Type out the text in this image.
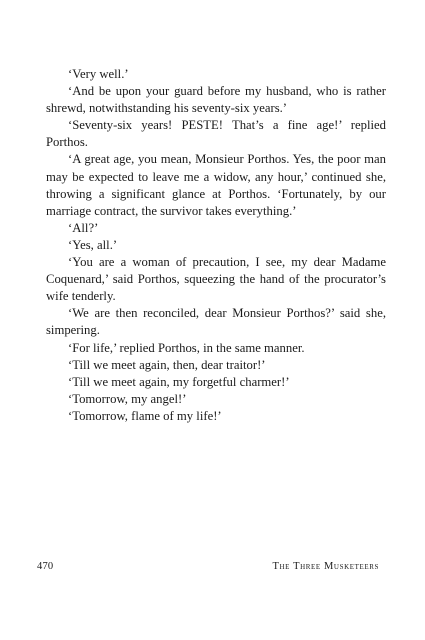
‘Very well.’

‘And be upon your guard before my husband, who is rather shrewd, notwithstanding his seventy-six years.’

‘Seventy-six years! PESTE! That’s a fine age!’ replied Porthos.

‘A great age, you mean, Monsieur Porthos. Yes, the poor man may be expected to leave me a widow, any hour,’ continued she, throwing a significant glance at Porthos. ‘Fortunately, by our marriage contract, the survivor takes everything.’

‘All?’

‘Yes, all.’

‘You are a woman of precaution, I see, my dear Madame Coquenard,’ said Porthos, squeezing the hand of the procurator’s wife tenderly.

‘We are then reconciled, dear Monsieur Porthos?’ said she, simpering.

‘For life,’ replied Porthos, in the same manner.

‘Till we meet again, then, dear traitor!’

‘Till we meet again, my forgetful charmer!’

‘Tomorrow, my angel!’

‘Tomorrow, flame of my life!’

470	The Three Musketeers
